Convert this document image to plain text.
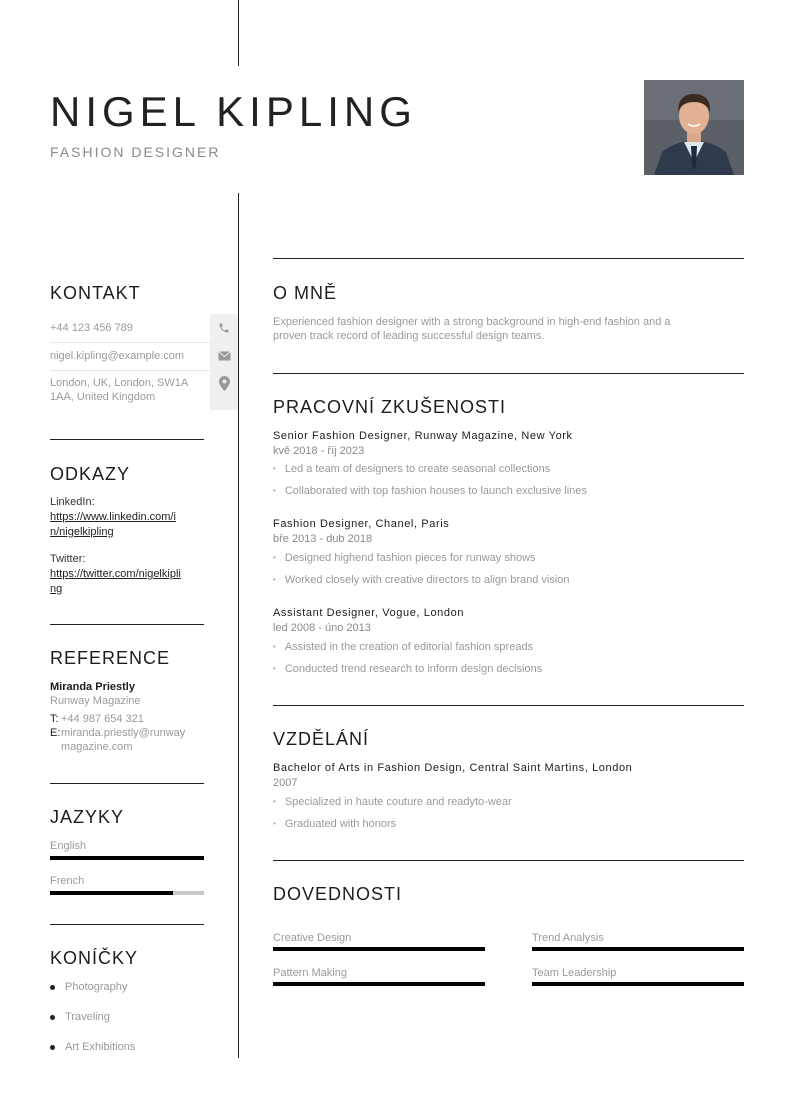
NIGEL KIPLING
FASHION DESIGNER
KONTAKT
+44 123 456 789
nigel.kipling@example.com
London, UK, London, SW1A
1AA, United Kingdom
ODKAZY
LinkedIn:
https://www.linkedin.com/i
n/nigelkipling
Twitter:
https://twitter.com/nigelkipli
ng
REFERENCE
Miranda Priestly
Runway Magazine
T: +44 987 654 321
E: miranda.priestly@runway
magazine.com
JAZYKY
English
French
KONÍČKY
Photography
Traveling
Art Exhibitions
O MNĚ
Experienced fashion designer with a strong background in high-end fashion and a
proven track record of leading successful design teams.
PRACOVNÍ ZKUŠENOSTI
Senior Fashion Designer, Runway Magazine, New York
kvě 2018 - říj 2023
• Led a team of designers to create seasonal collections
• Collaborated with top fashion houses to launch exclusive lines
Fashion Designer, Chanel, Paris
bře 2013 - dub 2018
• Designed highend fashion pieces for runway shows
• Worked closely with creative directors to align brand vision
Assistant Designer, Vogue, London
led 2008 - úno 2013
• Assisted in the creation of editorial fashion spreads
• Conducted trend research to inform design decisions
VZDĚLÁNÍ
Bachelor of Arts in Fashion Design, Central Saint Martins, London
2007
• Specialized in haute couture and readyto-wear
• Graduated with honors
DOVEDNOSTI
Creative Design	Trend Analysis
Pattern Making	Team Leadership
